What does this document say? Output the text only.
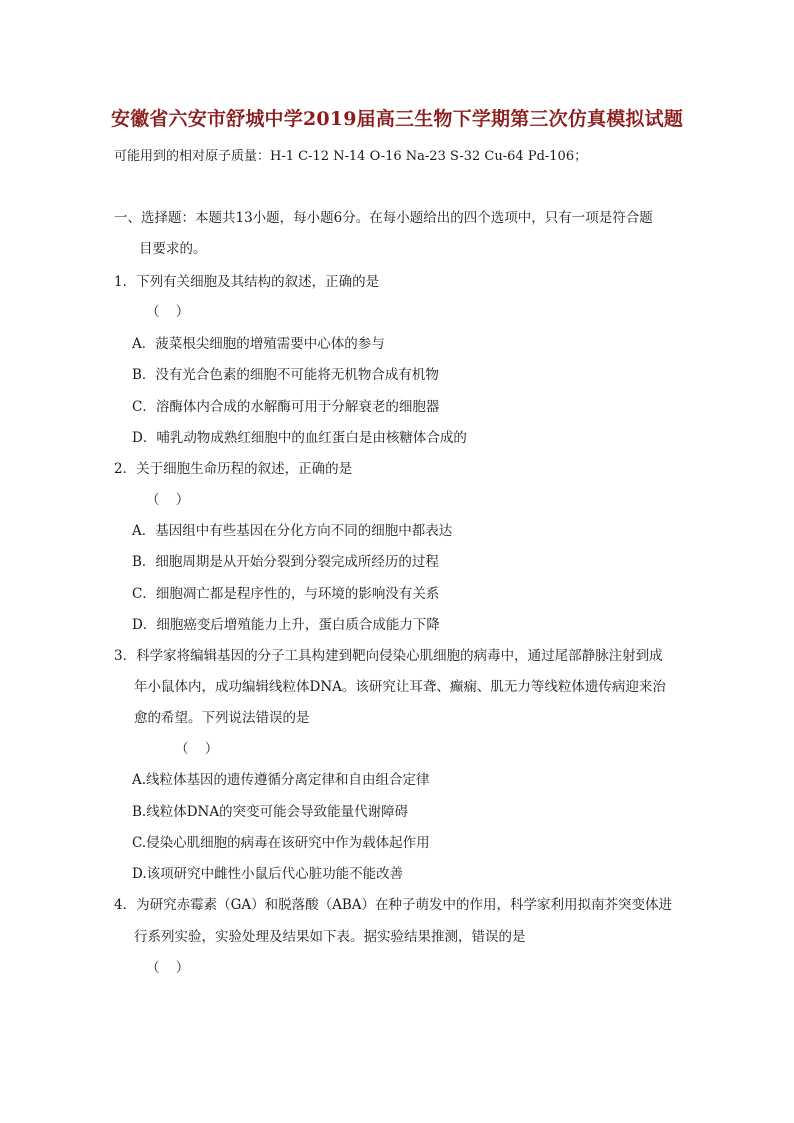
安徽省六安市舒城中学2019届高三生物下学期第三次仿真模拟试题
可能用到的相对原子质量：H-1 C-12 N-14 O-16 Na-23 S-32 Cu-64 Pd-106；
一、选择题：本题共13小题，每小题6分。在每小题给出的四个选项中，只有一项是符合题
目要求的。
1．下列有关细胞及其结构的叙述，正确的是
（ ）
A．菠菜根尖细胞的增殖需要中心体的参与
B．没有光合色素的细胞不可能将无机物合成有机物
C．溶酶体内合成的水解酶可用于分解衰老的细胞器
D．哺乳动物成熟红细胞中的血红蛋白是由核糖体合成的
2．关于细胞生命历程的叙述，正确的是
（ ）
A．基因组中有些基因在分化方向不同的细胞中都表达
B．细胞周期是从开始分裂到分裂完成所经历的过程
C．细胞凋亡都是程序性的，与环境的影响没有关系
D．细胞癌变后增殖能力上升，蛋白质合成能力下降
3．科学家将编辑基因的分子工具构建到靶向侵染心肌细胞的病毒中，通过尾部静脉注射到成
年小鼠体内，成功编辑线粒体DNA。该研究让耳聋、癫痫、肌无力等线粒体遗传病迎来治
愈的希望。下列说法错误的是
（ ）
A.线粒体基因的遗传遵循分离定律和自由组合定律
B.线粒体DNA的突变可能会导致能量代谢障碍
C.侵染心肌细胞的病毒在该研究中作为载体起作用
D.该项研究中雌性小鼠后代心脏功能不能改善
4．为研究赤霉素（GA）和脱落酸（ABA）在种子萌发中的作用，科学家利用拟南芥突变体进
行系列实验，实验处理及结果如下表。据实验结果推测，错误的是
（ ）
